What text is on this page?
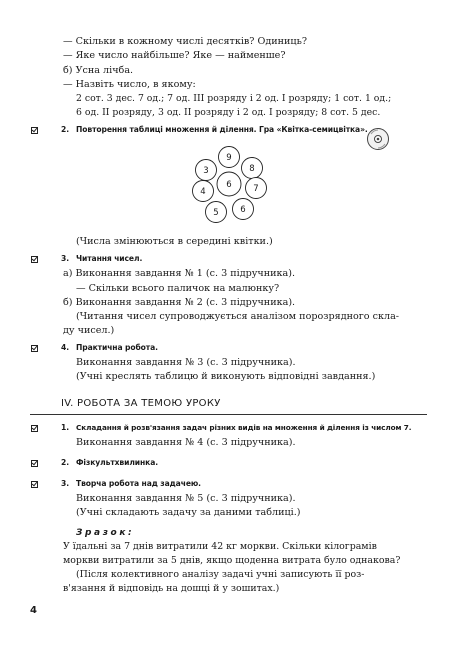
— Скільки в кожному числі десятків? Одиниць?
— Яке число найбільше? Яке — найменше?
б) Усна лічба.
— Назвіть число, в якому:
2 сот. 3 дес. 7 од.; 7 од. ІІІ розряду і 2 од. І розряду; 1 сот. 1 од.;
6 од. ІІ розряду, 3 од. ІІ розряду і 2 од. І розряду; 8 сот. 5 дес.
2. Повторення таблиці множення й ділення. Гра «Квітка-семицвітка».
9
8
7
6
5
4
3
6
(Числа змінюються в середині квітки.)
3. Читання чисел.
а) Виконання завдання № 1 (с. 3 підручника).
— Скільки всього паличок на малюнку?
б) Виконання завдання № 2 (с. 3 підручника).
(Читання чисел супроводжується аналізом порозрядного скла-
ду чисел.)
4. Практична робота.
Виконання завдання № 3 (с. 3 підручника).
(Учні креслять таблицю й виконують відповідні завдання.)
IV. РОБОТА ЗА ТЕМОЮ УРОКУ
1. Складання й розв'язання задач різних видів на множення й ділення із числом 7.
Виконання завдання № 4 (с. 3 підручника).
2. Фізкультхвилинка.
3. Творча робота над задачею.
Виконання завдання № 5 (с. 3 підручника).
(Учні складають задачу за даними таблиці.)
Зразок:
У їдальні за 7 днів витратили 42 кг моркви. Скільки кілограмів
моркви витратили за 5 днів, якщо щоденна витрата було однакова?
(Після колективного аналізу задачі учні записують її роз-
в'язання й відповідь на дошці й у зошитах.)
4
